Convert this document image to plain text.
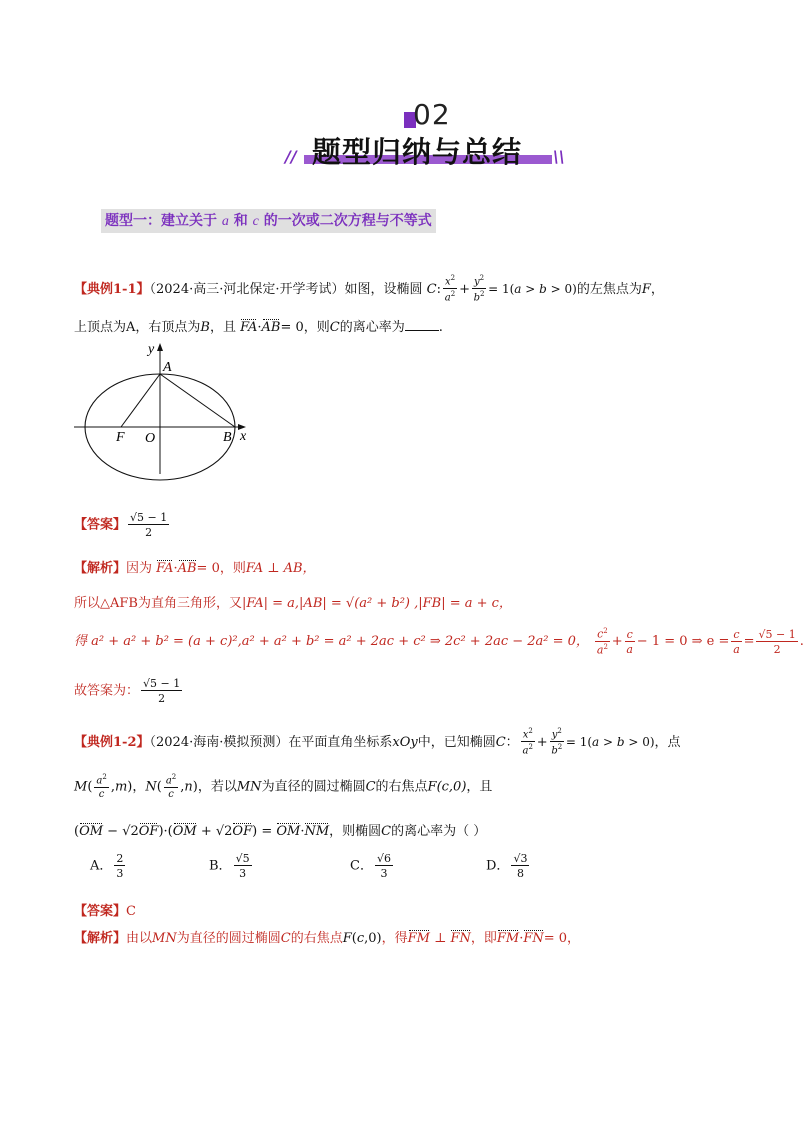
02
// 题型归纳与总结 \\
题型一：建立关于 a 和 c 的一次或二次方程与不等式
【典例1-1】（2024·高三·河北保定·开学考试）如图，设椭圆 C: $\frac{x^2}{a^2} + \frac{y^2}{b^2} = 1(a > b > 0)$的左焦点为F，
上顶点为A，右顶点为B，且 FA·AB= 0，则C的离心率为	.
y
A
F O	B x
【答案】 $\frac{√5 - 1}{2}$
【解析】因为 FA·AB= 0，则FA ⊥ AB，
所以△AFB为直角三角形，又|FA| = a,|AB| = √(a² + b²) ,|FB| = a + c，
得 a² + a² + b² = (a + c)²,a² + a² + b² = a² + 2ac + c² ⇒ 2c² + 2ac − 2a² = 0， $\frac{c^2}{a^2} + \frac{c}{a} - 1 = 0$ ⇒ $e = \frac{c}{a} = \frac{√5 - 1}{2}$ .
故答案为： $\frac{√5 - 1}{2}$
【典例1-2】（2024·海南·模拟预测）在平面直角坐标系xOy中，已知椭圆C： $\frac{x^2}{a^2} + \frac{y^2}{b^2} = 1(a > b > 0)$，点
$M( \frac{a^2}{c} ,m)$，$N( \frac{a^2}{c} ,n)$，若以MN为直径的圆过椭圆C的右焦点F(c,0)，且
(OM − √2OF)·(OM + √2OF) = OM·NM，则椭圆C的离心率为（ ）
A． $\frac{2}{3}$	B． $\frac{√5}{3}$	C． $\frac{√6}{3}$	D． $\frac{√3}{8}$
【答案】C
【解析】由以MN为直径的圆过椭圆C的右焦点F(c,0)，得FM ⊥ FN，即FM·FN= 0，
